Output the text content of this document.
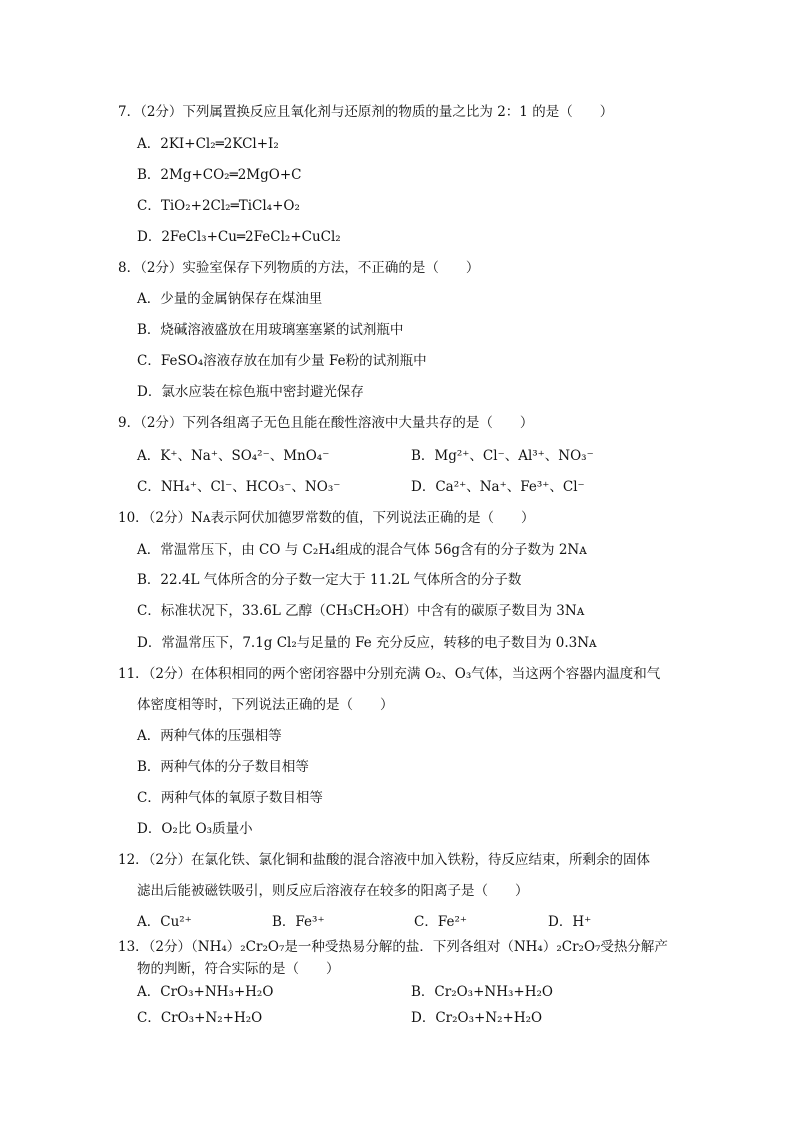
7．（2分）下列属置换反应且氧化剂与还原剂的物质的量之比为 2：1 的是（　　）
A．2KI+Cl₂═2KCl+I₂
B．2Mg+CO₂═2MgO+C
C．TiO₂+2Cl₂═TiCl₄+O₂
D．2FeCl₃+Cu═2FeCl₂+CuCl₂
8．（2分）实验室保存下列物质的方法，不正确的是（　　）
A．少量的金属钠保存在煤油里
B．烧碱溶液盛放在用玻璃塞塞紧的试剂瓶中
C．FeSO₄溶液存放在加有少量 Fe粉的试剂瓶中
D．氯水应装在棕色瓶中密封避光保存
9．（2分）下列各组离子无色且能在酸性溶液中大量共存的是（　　）
A．K⁺、Na⁺、SO₄²⁻、MnO₄⁻	B．Mg²⁺、Cl⁻、Al³⁺、NO₃⁻
C．NH₄⁺、Cl⁻、HCO₃⁻、NO₃⁻	D．Ca²⁺、Na⁺、Fe³⁺、Cl⁻
10．（2分）Nᴀ表示阿伏加德罗常数的值，下列说法正确的是（　　）
A．常温常压下，由 CO 与 C₂H₄组成的混合气体 56g含有的分子数为 2Nᴀ
B．22.4L 气体所含的分子数一定大于 11.2L 气体所含的分子数
C．标准状况下，33.6L 乙醇（CH₃CH₂OH）中含有的碳原子数目为 3Nᴀ
D．常温常压下，7.1g Cl₂与足量的 Fe 充分反应，转移的电子数目为 0.3Nᴀ
11．（2分）在体积相同的两个密闭容器中分别充满 O₂、O₃气体，当这两个容器内温度和气
体密度相等时，下列说法正确的是（　　）
A．两种气体的压强相等
B．两种气体的分子数目相等
C．两种气体的氧原子数目相等
D．O₂比 O₃质量小
12．（2分）在氯化铁、氯化铜和盐酸的混合溶液中加入铁粉，待反应结束，所剩余的固体
滤出后能被磁铁吸引，则反应后溶液存在较多的阳离子是（　　）
A．Cu²⁺	B．Fe³⁺	C．Fe²⁺	D．H⁺
13．（2分）（NH₄）₂Cr₂O₇是一种受热易分解的盐．下列各组对（NH₄）₂Cr₂O₇受热分解产
物的判断，符合实际的是（　　）
A．CrO₃+NH₃+H₂O	B．Cr₂O₃+NH₃+H₂O
C．CrO₃+N₂+H₂O	D．Cr₂O₃+N₂+H₂O
